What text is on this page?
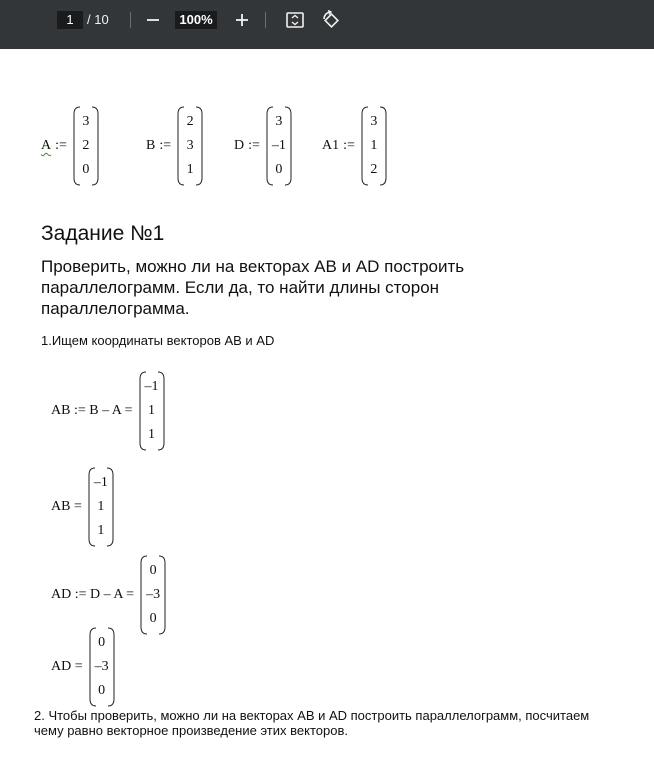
1	/ 10	100%
A :=
3
2
0
B :=
2
3
1
D :=
3
–1
0
A1 :=
3
1
2
Задание №1
Проверить, можно ли на векторах AB и AD построить параллелограмм. Если да, то найти длины сторон параллелограмма.
1.Ищем координаты векторов AB и AD
AB := B – A =
–1
1
1
AB =
–1
1
1
AD := D – A =
0
–3
0
AD =
0
–3
0
2. Чтобы проверить, можно ли на векторах AB и AD построить параллелограмм, посчитаем чему равно векторное произведение этих векторов.
